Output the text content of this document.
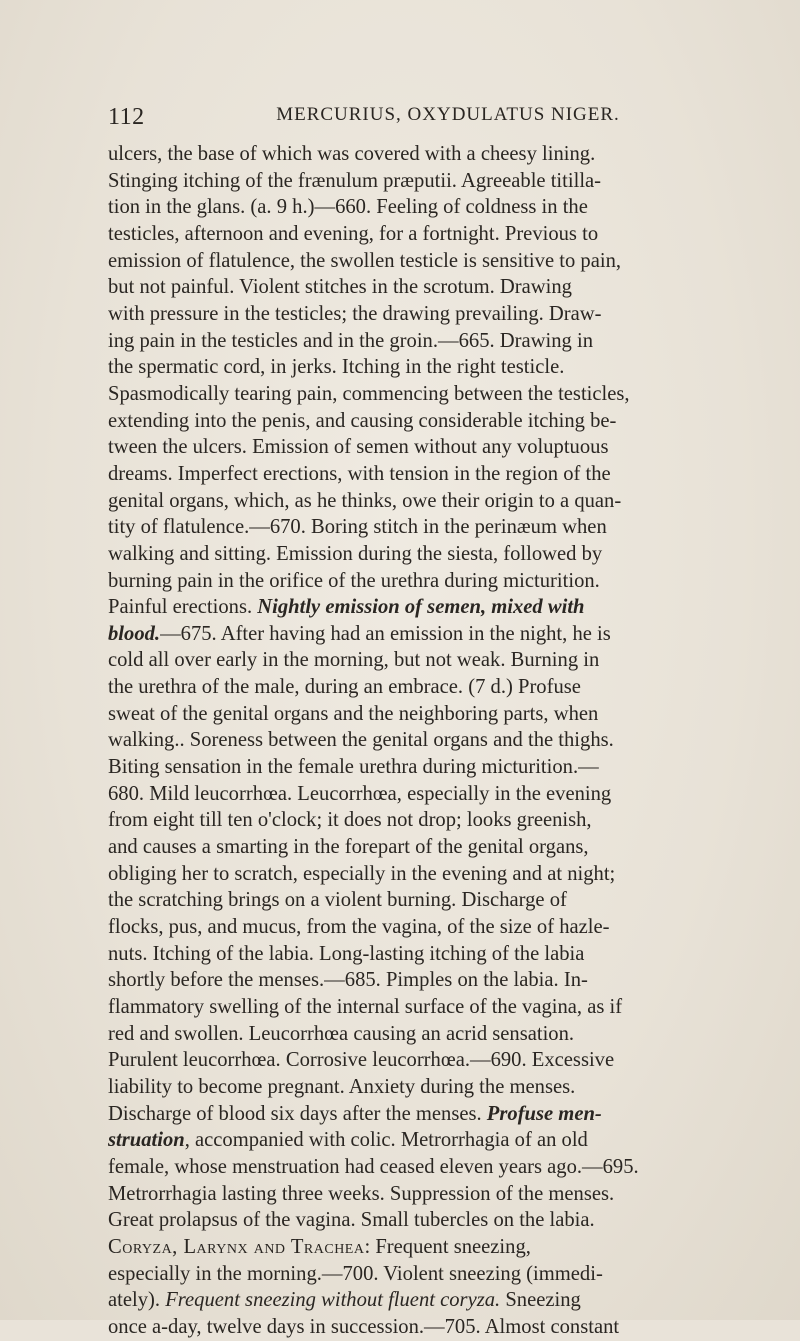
112	MERCURIUS, OXYDULATUS NIGER.
ulcers, the base of which was covered with a cheesy lining.
Stinging itching of the frænulum præputii. Agreeable titilla-
tion in the glans. (a. 9 h.)—660. Feeling of coldness in the
testicles, afternoon and evening, for a fortnight. Previous to
emission of flatulence, the swollen testicle is sensitive to pain,
but not painful. Violent stitches in the scrotum. Drawing
with pressure in the testicles; the drawing prevailing. Draw-
ing pain in the testicles and in the groin.—665. Drawing in
the spermatic cord, in jerks. Itching in the right testicle.
Spasmodically tearing pain, commencing between the testicles,
extending into the penis, and causing considerable itching be-
tween the ulcers. Emission of semen without any voluptuous
dreams. Imperfect erections, with tension in the region of the
genital organs, which, as he thinks, owe their origin to a quan-
tity of flatulence.—670. Boring stitch in the perinæum when
walking and sitting. Emission during the siesta, followed by
burning pain in the orifice of the urethra during micturition.
Painful erections. Nightly emission of semen, mixed with
blood.—675. After having had an emission in the night, he is
cold all over early in the morning, but not weak. Burning in
the urethra of the male, during an embrace. (7 d.) Profuse
sweat of the genital organs and the neighboring parts, when
walking.. Soreness between the genital organs and the thighs.
Biting sensation in the female urethra during micturition.—
680. Mild leucorrhœa. Leucorrhœa, especially in the evening
from eight till ten o'clock; it does not drop; looks greenish,
and causes a smarting in the forepart of the genital organs,
obliging her to scratch, especially in the evening and at night;
the scratching brings on a violent burning. Discharge of
flocks, pus, and mucus, from the vagina, of the size of hazle-
nuts. Itching of the labia. Long-lasting itching of the labia
shortly before the menses.—685. Pimples on the labia. In-
flammatory swelling of the internal surface of the vagina, as if
red and swollen. Leucorrhœa causing an acrid sensation.
Purulent leucorrhœa. Corrosive leucorrhœa.—690. Excessive
liability to become pregnant. Anxiety during the menses.
Discharge of blood six days after the menses. Profuse men-
struation, accompanied with colic. Metrorrhagia of an old
female, whose menstruation had ceased eleven years ago.—695.
Metrorrhagia lasting three weeks. Suppression of the menses.
Great prolapsus of the vagina. Small tubercles on the labia.
Coryza, Larynx and Trachea: Frequent sneezing,
especially in the morning.—700. Violent sneezing (immedi-
ately). Frequent sneezing without fluent coryza. Sneezing
once a-day, twelve days in succession.—705. Almost constant
